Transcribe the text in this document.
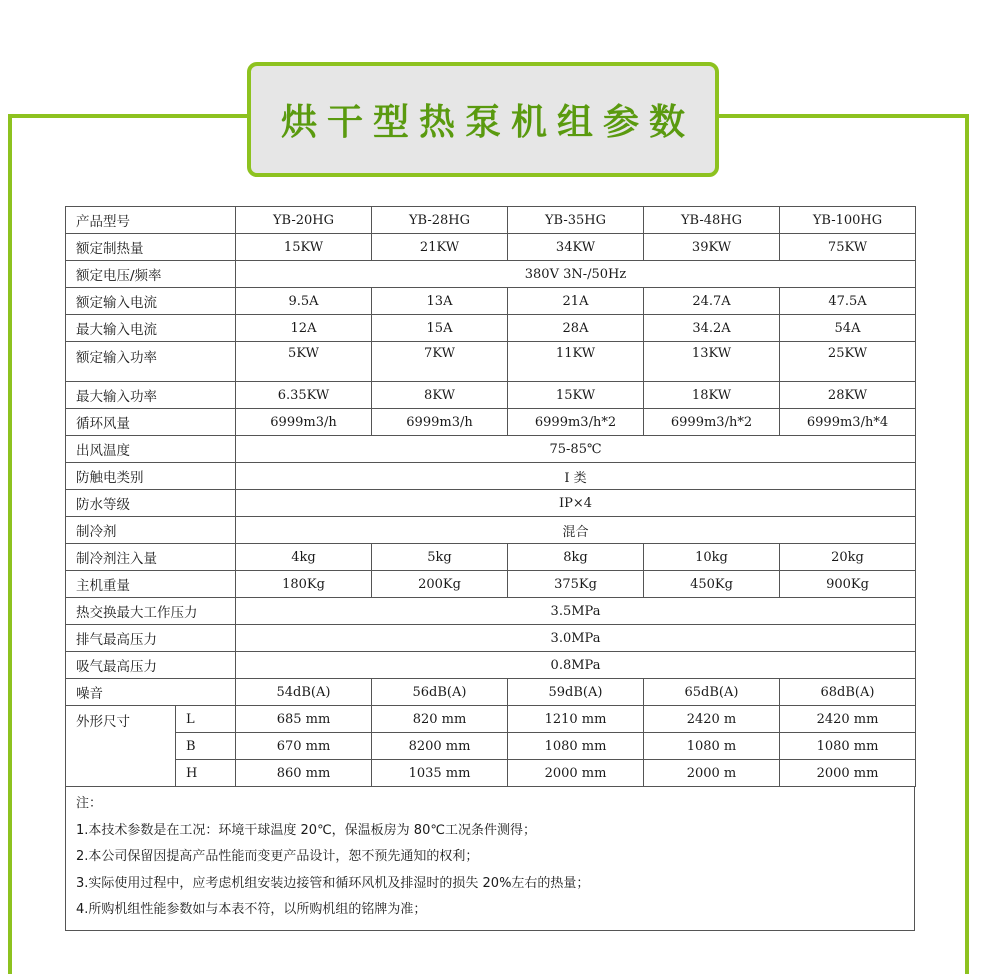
烘干型热泵机组参数
产品型号		YB-20HG	YB-28HG	YB-35HG	YB-48HG	YB-100HG
额定制热量		15KW	21KW	34KW	39KW	75KW
额定电压/频率		380V 3N-/50Hz				
额定输入电流		9.5A	13A	21A	24.7A	47.5A
最大输入电流		12A	15A	28A	34.2A	54A
额定输入功率		5KW	7KW	11KW	13KW	25KW
最大输入功率		6.35KW	8KW	15KW	18KW	28KW
循环风量		6999m3/h	6999m3/h	6999m3/h*2	6999m3/h*2	6999m3/h*4
出风温度		75-85℃				
防触电类别		I 类				
防水等级		IP×4				
制冷剂		混合				
制冷剂注入量		4kg	5kg	8kg	10kg	20kg
主机重量		180Kg	200Kg	375Kg	450Kg	900Kg
热交换最大工作压力		3.5MPa				
排气最高压力		3.0MPa				
吸气最高压力		0.8MPa				
噪音		54dB(A)	56dB(A)	59dB(A)	65dB(A)	68dB(A)
外形尺寸	L	685 mm	820 mm	1210 mm	2420 m	2420 mm
	B	670 mm	8200 mm	1080 mm	1080 m	1080 mm
	H	860 mm	1035 mm	2000 mm	2000 m	2000 mm
注：
1.本技术参数是在工况：环境干球温度 20℃，保温板房为 80℃工况条件测得；
2.本公司保留因提高产品性能而变更产品设计，恕不预先通知的权利；
3.实际使用过程中，应考虑机组安装边接管和循环风机及排湿时的损失 20%左右的热量；
4.所购机组性能参数如与本表不符，以所购机组的铭牌为准；
